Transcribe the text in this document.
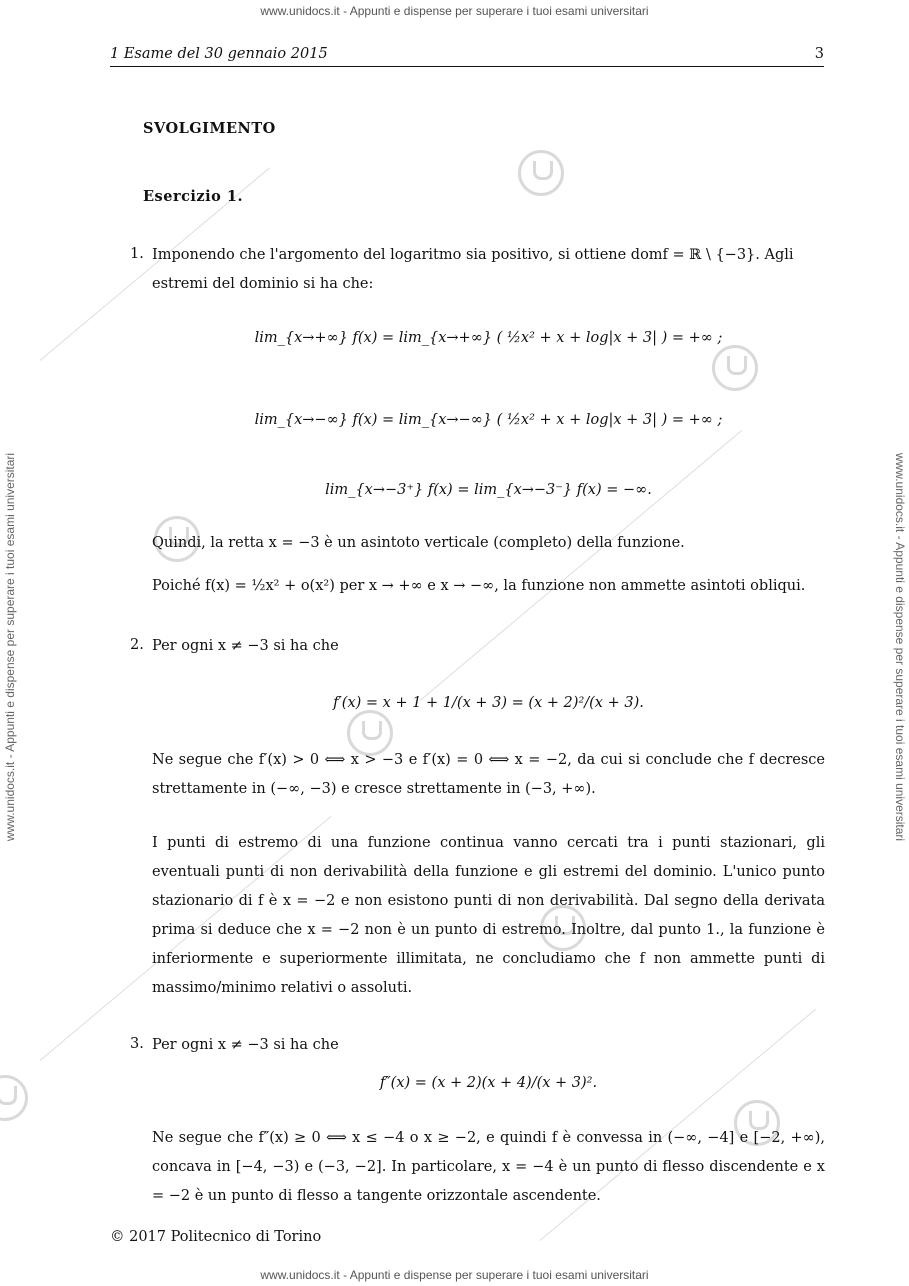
www.unidocs.it - Appunti e dispense per superare i tuoi esami universitari
www.unidocs.it - Appunti e dispense per superare i tuoi esami universitari
www.unidocs.it - Appunti e dispense per superare i tuoi esami universitari	www.unidocs.it - Appunti e dispense per superare i tuoi esami universitari
1 Esame del 30 gennaio 2015	3
SVOLGIMENTO
Esercizio 1.
1. Imponendo che l'argomento del logaritmo sia positivo, si ottiene domf = ℝ \ {−3}. Agli
estremi del dominio si ha che:
lim_{x→+∞} f(x) = lim_{x→+∞} ( ½x² + x + log|x + 3| ) = +∞ ;
lim_{x→−∞} f(x) = lim_{x→−∞} ( ½x² + x + log|x + 3| ) = +∞ ;
lim_{x→−3⁺} f(x) = lim_{x→−3⁻} f(x) = −∞.
Quindi, la retta x = −3 è un asintoto verticale (completo) della funzione.
Poiché f(x) = ½x² + o(x²) per x → +∞ e x → −∞, la funzione non ammette asintoti obliqui.
2. Per ogni x ≠ −3 si ha che
f′(x) = x + 1 + 1/(x + 3) = (x + 2)²/(x + 3).
Ne segue che f′(x) > 0 ⟺ x > −3 e f′(x) = 0 ⟺ x = −2, da cui si conclude che f decresce strettamente in (−∞, −3) e cresce strettamente in (−3, +∞).
I punti di estremo di una funzione continua vanno cercati tra i punti stazionari, gli eventuali punti di non derivabilità della funzione e gli estremi del dominio. L'unico punto stazionario di f è x = −2 e non esistono punti di non derivabilità. Dal segno della derivata prima si deduce che x = −2 non è un punto di estremo. Inoltre, dal punto 1., la funzione è inferiormente e superiormente illimitata, ne concludiamo che f non ammette punti di massimo/minimo relativi o assoluti.
3. Per ogni x ≠ −3 si ha che
f″(x) = (x + 2)(x + 4)/(x + 3)².
Ne segue che f″(x) ≥ 0 ⟺ x ≤ −4 o x ≥ −2, e quindi f è convessa in (−∞, −4] e [−2, +∞), concava in [−4, −3) e (−3, −2]. In particolare, x = −4 è un punto di flesso discendente e x = −2 è un punto di flesso a tangente orizzontale ascendente.
© 2017 Politecnico di Torino
